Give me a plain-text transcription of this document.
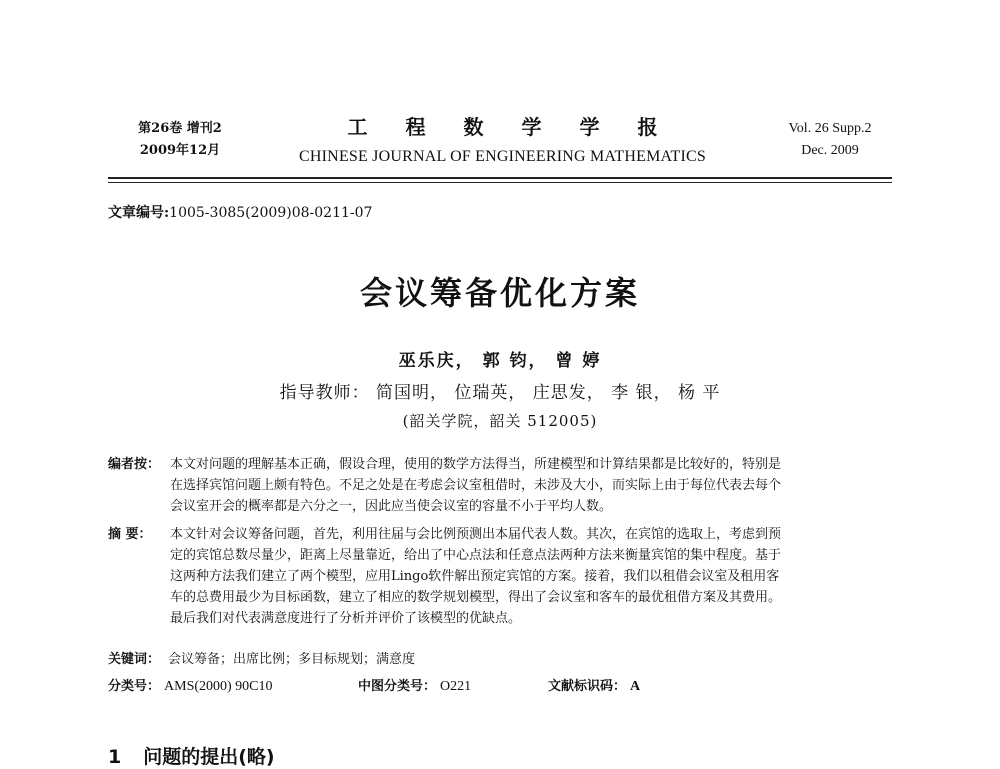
第26卷 增刊2
2009年12月
工程数学学报
CHINESE JOURNAL OF ENGINEERING MATHEMATICS
Vol. 26 Supp.2
Dec. 2009
文章编号:1005-3085(2009)08-0211-07
会议筹备优化方案
巫乐庆， 郭 钧， 曾 婷
指导教师： 简国明， 位瑞英， 庄思发， 李 银， 杨 平
(韶关学院，韶关 512005)
编者按： 本文对问题的理解基本正确，假设合理，使用的数学方法得当，所建模型和计算结果都是比较好的，特别是
在选择宾馆问题上颇有特色。不足之处是在考虑会议室租借时，未涉及大小，而实际上由于每位代表去每个
会议室开会的概率都是六分之一，因此应当使会议室的容量不小于平均人数。
摘 要： 本文针对会议筹备问题，首先，利用往届与会比例预测出本届代表人数。其次，在宾馆的选取上，考虑到预
定的宾馆总数尽量少，距离上尽量靠近，给出了中心点法和任意点法两种方法来衡量宾馆的集中程度。基于
这两种方法我们建立了两个模型，应用Lingo软件解出预定宾馆的方案。接着，我们以租借会议室及租用客
车的总费用最少为目标函数，建立了相应的数学规划模型，得出了会议室和客车的最优租借方案及其费用。
最后我们对代表满意度进行了分析并评价了该模型的优缺点。
关键词： 会议筹备；出席比例；多目标规划；满意度
分类号： AMS(2000) 90C10	中图分类号： O221	文献标识码： A
1 问题的提出(略)
